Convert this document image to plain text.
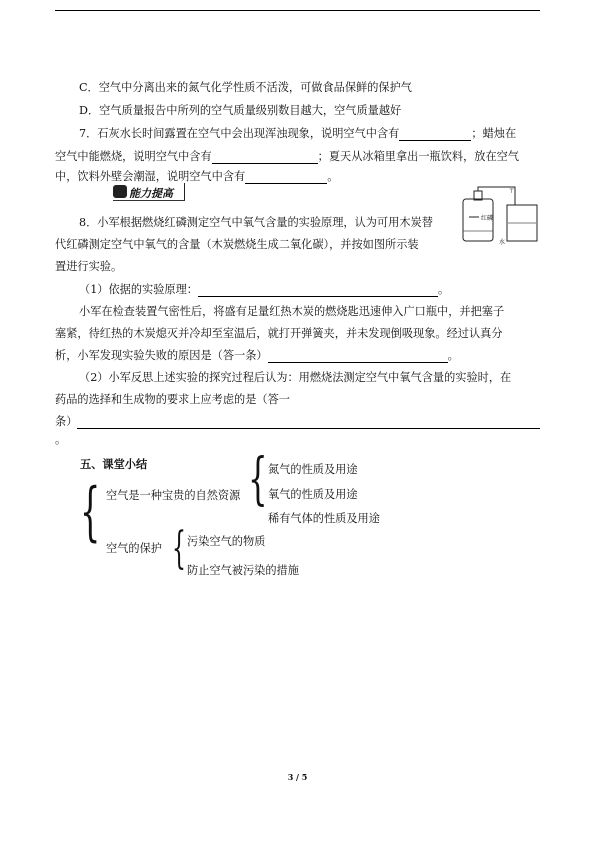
C．空气中分离出来的氮气化学性质不活泼，可做食品保鲜的保护气
D．空气质量报告中所列的空气质量级别数目越大，空气质量越好
7．石灰水长时间露置在空气中会出现浑浊现象，说明空气中含有	；蜡烛在
空气中能燃烧，说明空气中含有	；夏天从冰箱里拿出一瓶饮料，放在空气
中，饮料外壁会潮湿，说明空气中含有	。
能力提高
红磷
水
⊤
8．小军根据燃烧红磷测定空气中氧气含量的实验原理，认为可用木炭替
代红磷测定空气中氧气的含量（木炭燃烧生成二氧化碳），并按如图所示装
置进行实验。
（1）依据的实验原理：	。
小军在检查装置气密性后，将盛有足量红热木炭的燃烧匙迅速伸入广口瓶中，并把塞子
塞紧，待红热的木炭熄灭并冷却至室温后，就打开弹簧夹，并未发现倒吸现象。经过认真分
析，小军发现实验失败的原因是（答一条）	。
（2）小军反思上述实验的探究过程后认为：用燃烧法测定空气中氧气含量的实验时，在
药品的选择和生成物的要求上应考虑的是（答一
条）
。
五、课堂小结 { 氮气的性质及用途
氧气的性质及用途
稀有气体的性质及用途
{ 空气是一种宝贵的自然资源
空气的保护 { 污染空气的物质
防止空气被污染的措施
3 / 5
